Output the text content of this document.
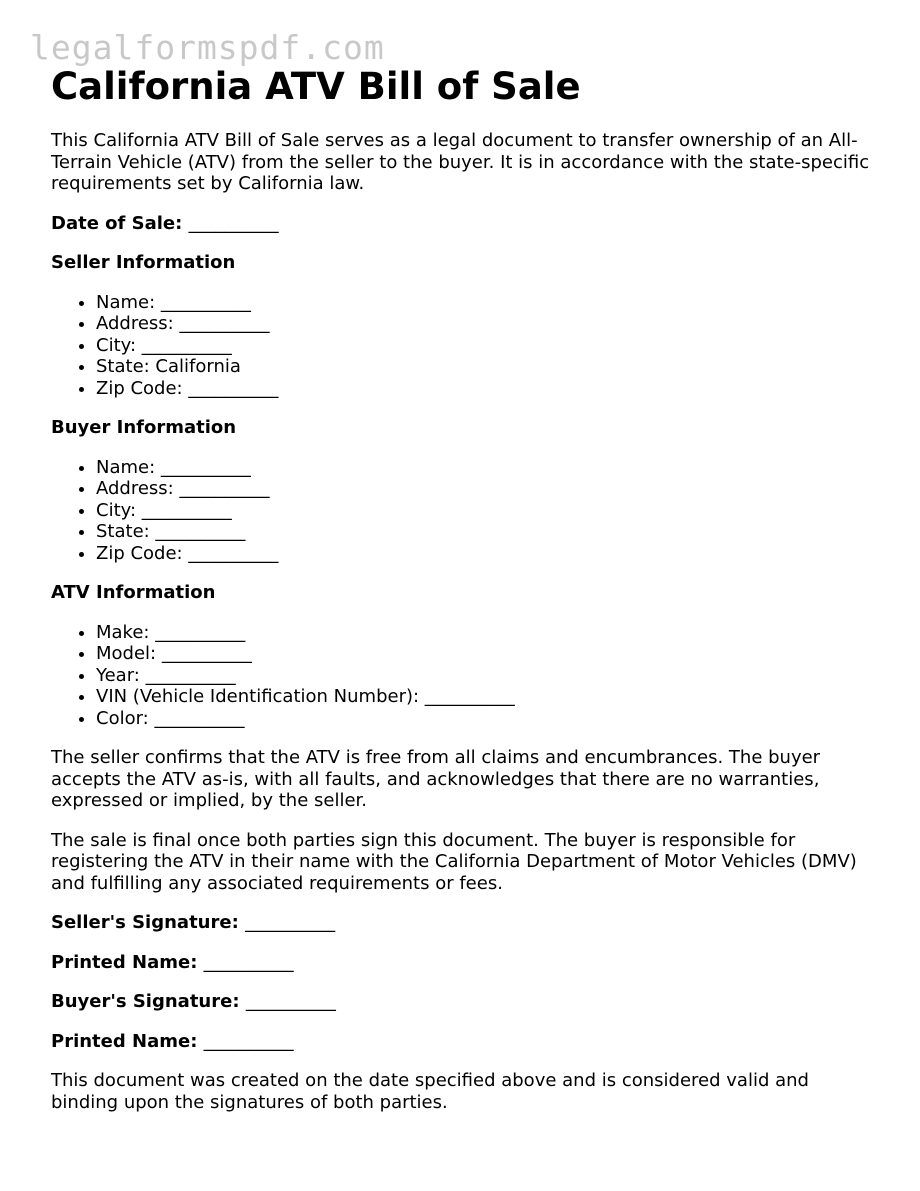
legalformspdf.com
California ATV Bill of Sale

This California ATV Bill of Sale serves as a legal document to transfer ownership of an All-Terrain Vehicle (ATV) from the seller to the buyer. It is in accordance with the state-specific requirements set by California law.

Date of Sale: __________
Seller Information
• Name: __________
• Address: __________
• City: __________
• State: California
• Zip Code: __________
Buyer Information
• Name: __________
• Address: __________
• City: __________
• State: __________
• Zip Code: __________
ATV Information
• Make: __________
• Model: __________
• Year: __________
• VIN (Vehicle Identification Number): __________
• Color: __________

The seller confirms that the ATV is free from all claims and encumbrances. The buyer accepts the ATV as-is, with all faults, and acknowledges that there are no warranties, expressed or implied, by the seller.

The sale is final once both parties sign this document. The buyer is responsible for registering the ATV in their name with the California Department of Motor Vehicles (DMV) and fulfilling any associated requirements or fees.

Seller's Signature: __________
Printed Name: __________
Buyer's Signature: __________
Printed Name: __________

This document was created on the date specified above and is considered valid and binding upon the signatures of both parties.
